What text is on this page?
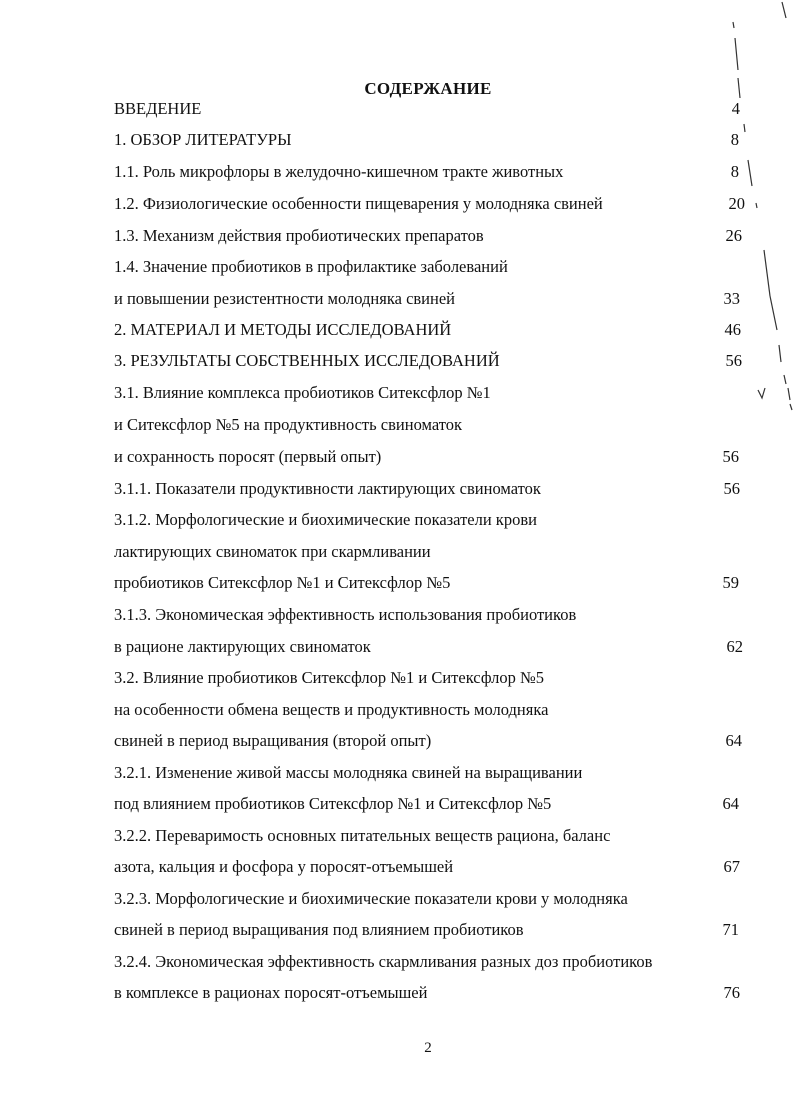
СОДЕРЖАНИЕ
ВВЕДЕНИЕ	4
1. ОБЗОР ЛИТЕРАТУРЫ	8
1.1. Роль микрофлоры в желудочно-кишечном тракте животных	8
1.2. Физиологические особенности пищеварения у молодняка свиней	20
1.3. Механизм действия пробиотических препаратов	26
1.4. Значение пробиотиков в профилактике заболеваний
и повышении резистентности молодняка свиней	33
2. МАТЕРИАЛ И МЕТОДЫ ИССЛЕДОВАНИЙ	46
3. РЕЗУЛЬТАТЫ СОБСТВЕННЫХ ИССЛЕДОВАНИЙ	56
3.1. Влияние комплекса пробиотиков Ситексфлор №1
и Ситексфлор №5 на продуктивность свиноматок
и сохранность поросят (первый опыт)	56
3.1.1. Показатели продуктивности лактирующих свиноматок	56
3.1.2. Морфологические и биохимические показатели крови
лактирующих свиноматок при скармливании
пробиотиков Ситексфлор №1 и Ситексфлор №5	59
3.1.3. Экономическая эффективность использования пробиотиков
в рационе лактирующих свиноматок	62
3.2. Влияние пробиотиков Ситексфлор №1 и Ситексфлор №5
на особенности обмена веществ и продуктивность молодняка
свиней в период выращивания (второй опыт)	64
3.2.1. Изменение живой массы молодняка свиней на выращивании
под влиянием пробиотиков Ситексфлор №1 и Ситексфлор №5	64
3.2.2. Переваримость основных питательных веществ рациона, баланс
азота, кальция и фосфора у поросят-отъемышей	67
3.2.3. Морфологические и биохимические показатели крови у молодняка
свиней в период выращивания под влиянием пробиотиков	71
3.2.4. Экономическая эффективность скармливания разных доз пробиотиков
в комплексе в рационах поросят-отъемышей	76
2
